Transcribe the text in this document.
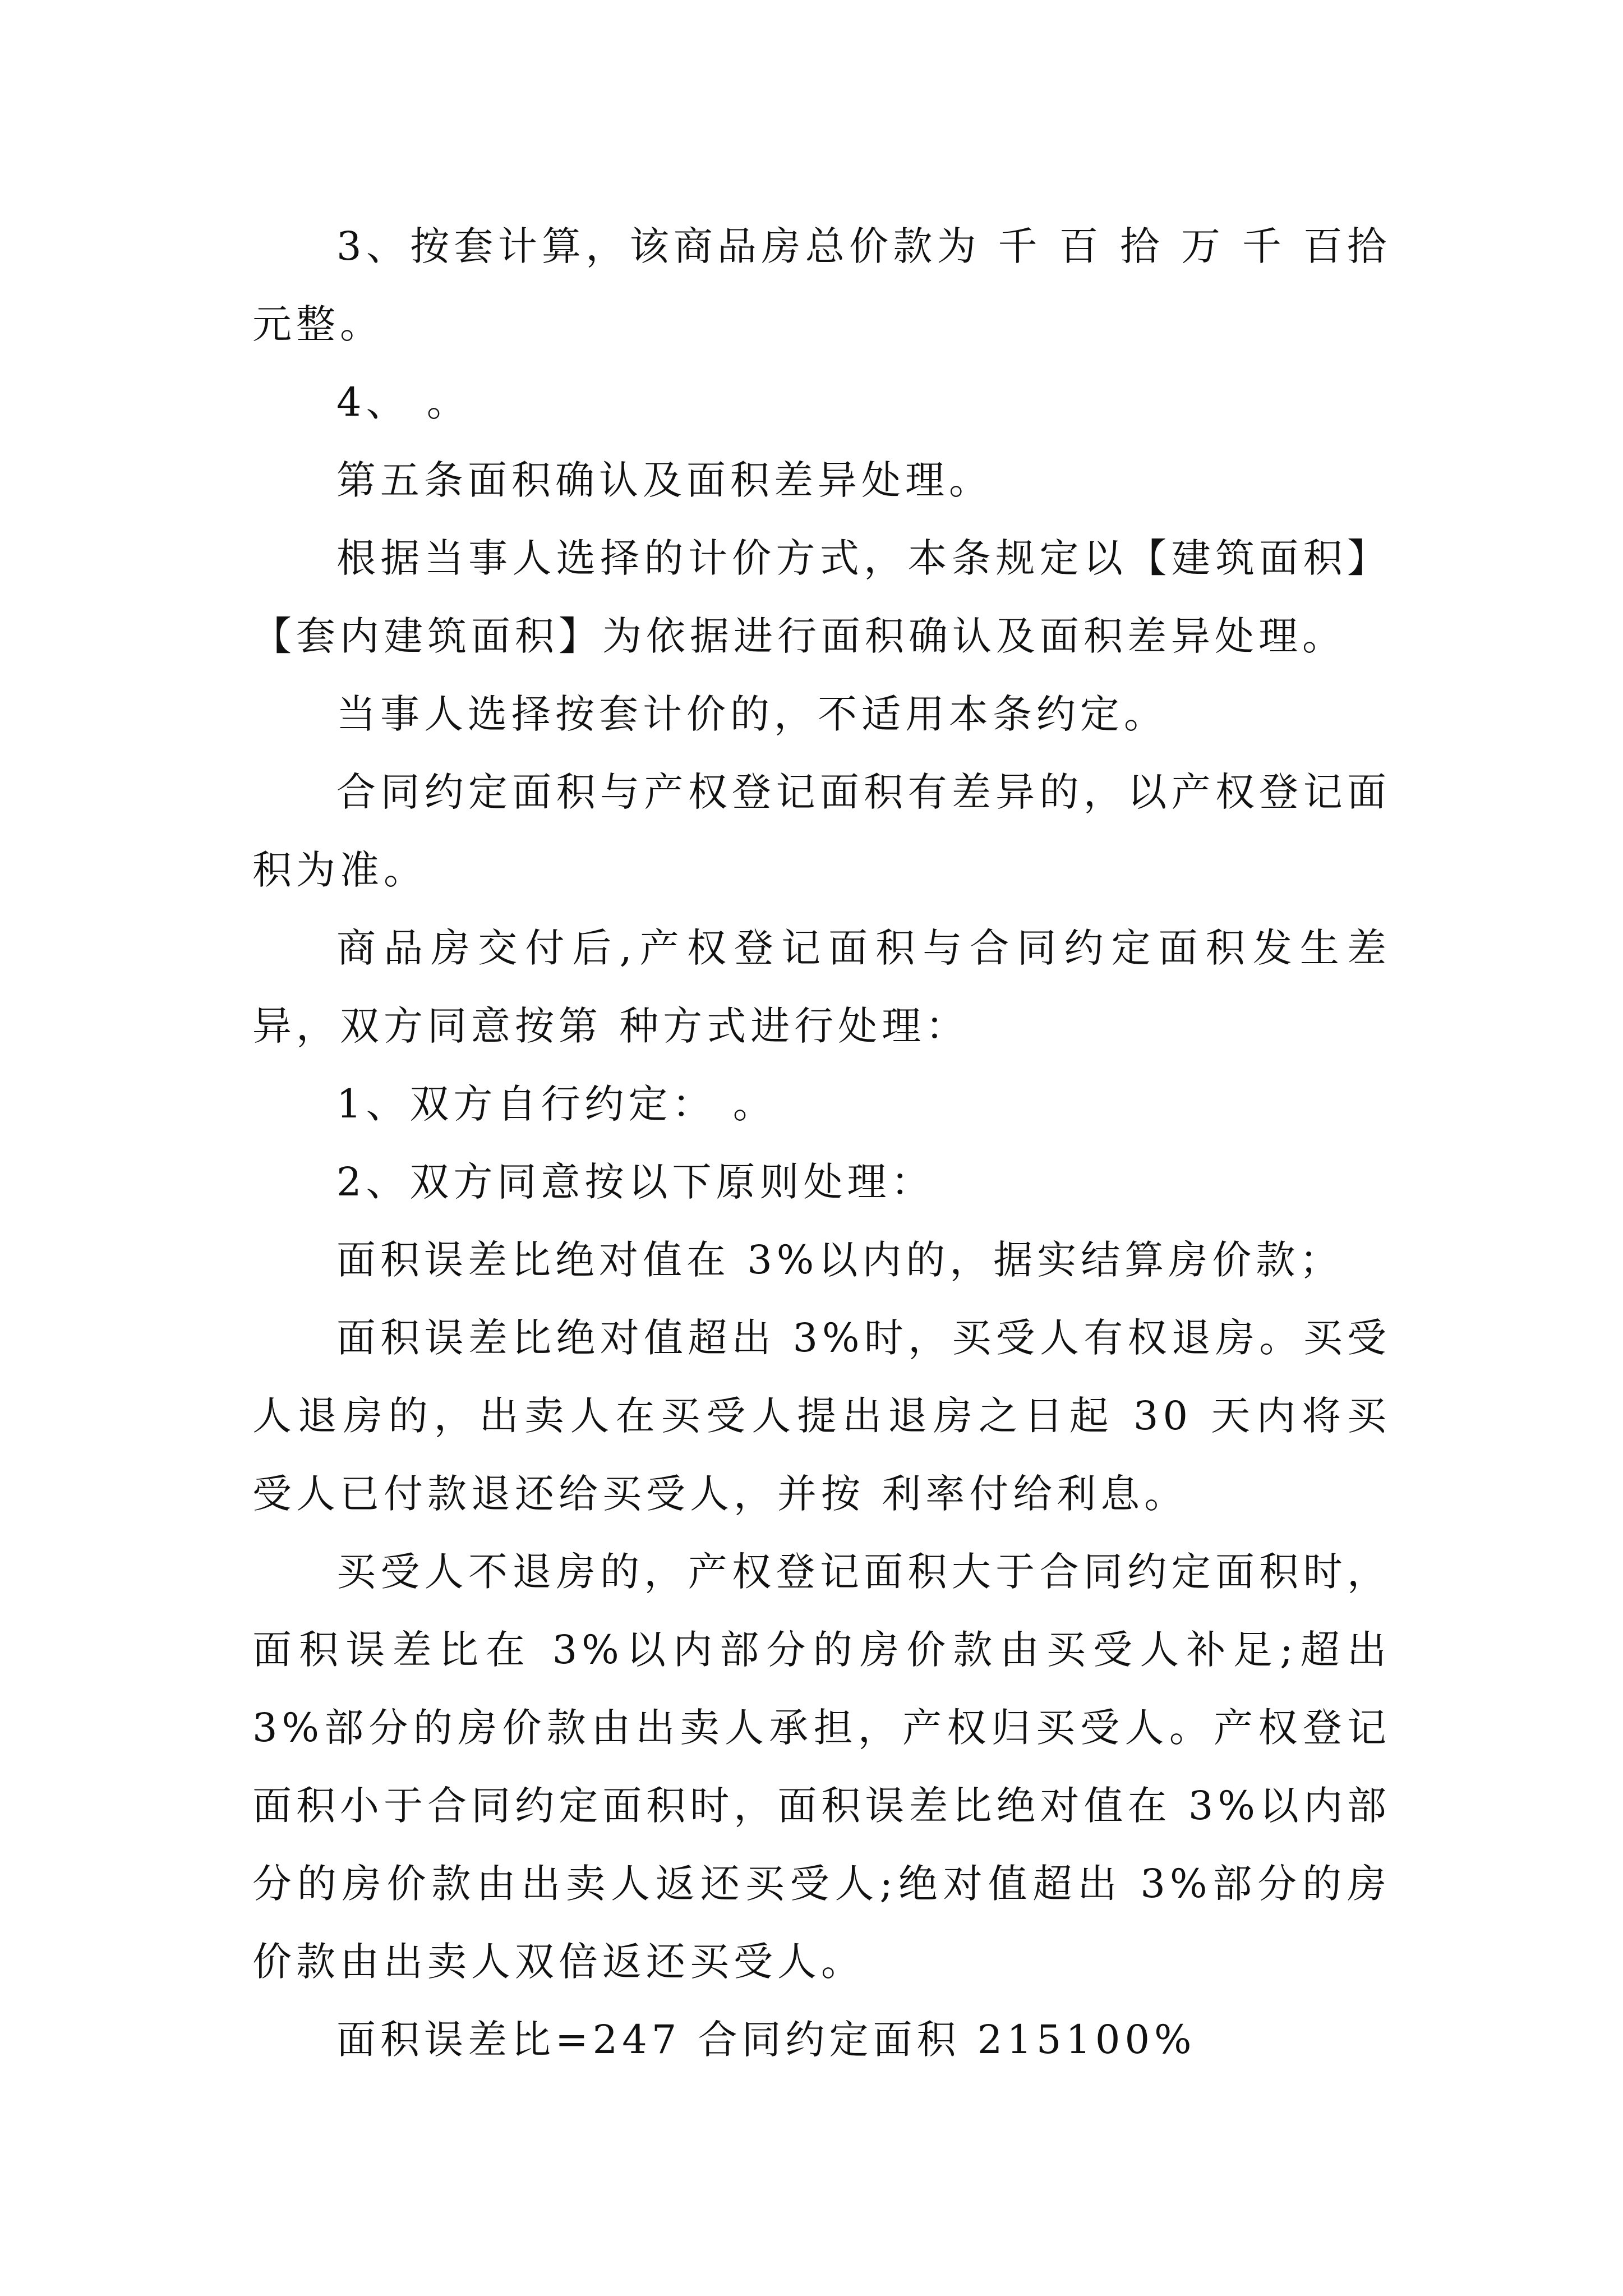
3、按套计算，该商品房总价款为 千 百 拾 万 千 百拾 元整。

4、 。

第五条面积确认及面积差异处理。

根据当事人选择的计价方式，本条规定以【建筑面积】【套内建筑面积】为依据进行面积确认及面积差异处理。

当事人选择按套计价的，不适用本条约定。

合同约定面积与产权登记面积有差异的，以产权登记面积为准。

商品房交付后,产权登记面积与合同约定面积发生差异，双方同意按第 种方式进行处理：

1、双方自行约定： 。

2、双方同意按以下原则处理：

面积误差比绝对值在 3%以内的，据实结算房价款；

面积误差比绝对值超出 3%时，买受人有权退房。买受人退房的，出卖人在买受人提出退房之日起 30 天内将买受人已付款退还给买受人，并按 利率付给利息。

买受人不退房的，产权登记面积大于合同约定面积时，面积误差比在 3%以内部分的房价款由买受人补足;超出 3%部分的房价款由出卖人承担，产权归买受人。产权登记面积小于合同约定面积时，面积误差比绝对值在 3%以内部分的房价款由出卖人返还买受人;绝对值超出 3%部分的房价款由出卖人双倍返还买受人。

面积误差比=247 合同约定面积 215100%
